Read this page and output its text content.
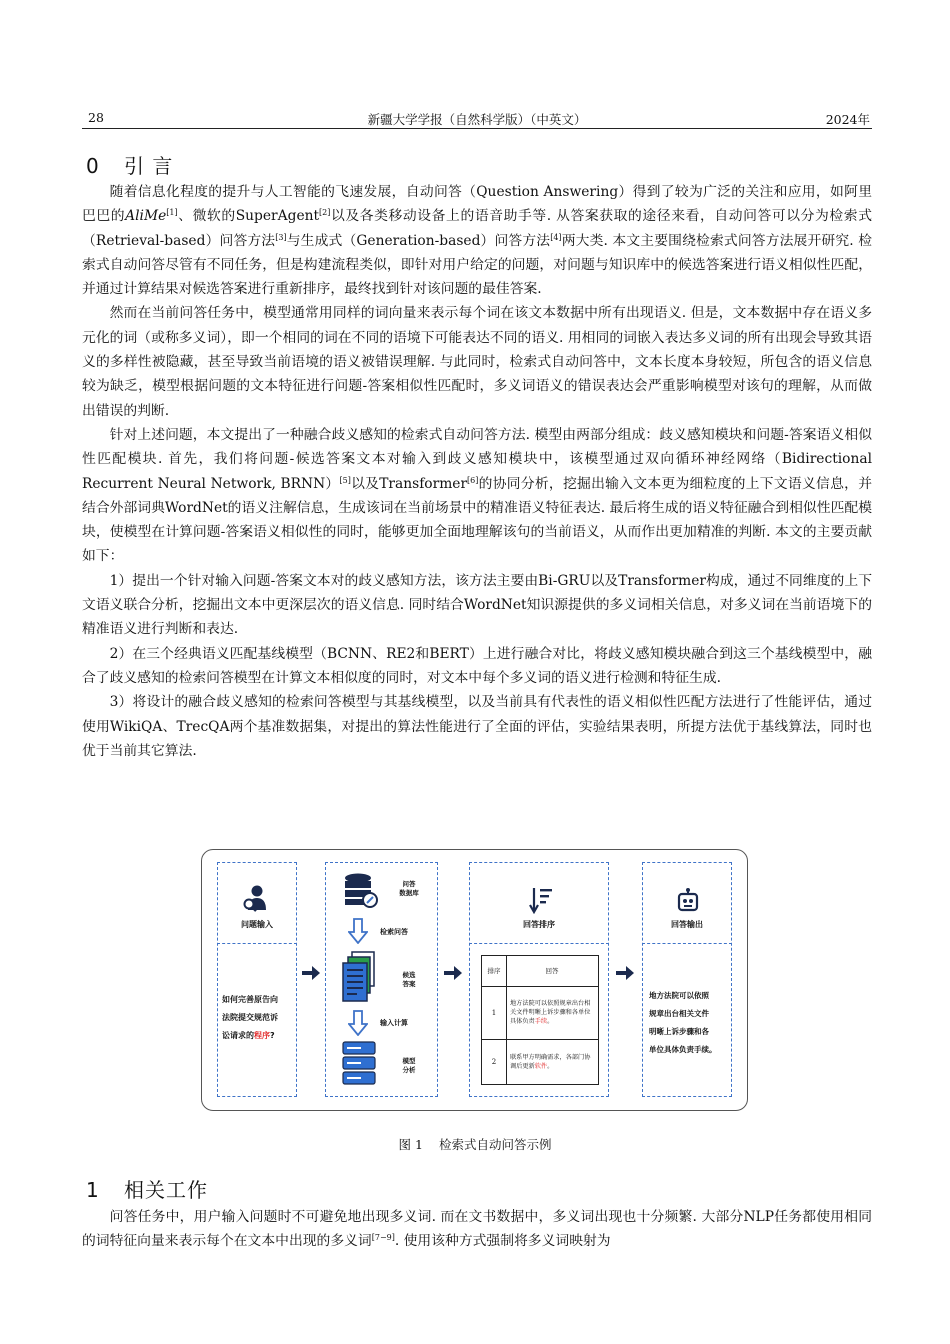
28	新疆大学学报（自然科学版）（中英文）	2024年
0 引 言

随着信息化程度的提升与人工智能的飞速发展，自动问答（Question Answering）得到了较为广泛的关注和应用，如阿里巴巴的AliMe[1]、微软的SuperAgent[2]以及各类移动设备上的语音助手等. 从答案获取的途径来看，自动问答可以分为检索式（Retrieval-based）问答方法[3]与生成式（Generation-based）问答方法[4]两大类. 本文主要围绕检索式问答方法展开研究. 检索式自动问答尽管有不同任务，但是构建流程类似，即针对用户给定的问题，对问题与知识库中的候选答案进行语义相似性匹配，并通过计算结果对候选答案进行重新排序，最终找到针对该问题的最佳答案.

然而在当前问答任务中，模型通常用同样的词向量来表示每个词在该文本数据中所有出现语义. 但是，文本数据中存在语义多元化的词（或称多义词），即一个相同的词在不同的语境下可能表达不同的语义. 用相同的词嵌入表达多义词的所有出现会导致其语义的多样性被隐藏，甚至导致当前语境的语义被错误理解. 与此同时，检索式自动问答中，文本长度本身较短，所包含的语义信息较为缺乏，模型根据问题的文本特征进行问题-答案相似性匹配时，多义词语义的错误表达会严重影响模型对该句的理解，从而做出错误的判断.

针对上述问题，本文提出了一种融合歧义感知的检索式自动问答方法. 模型由两部分组成：歧义感知模块和问题-答案语义相似性匹配模块. 首先，我们将问题-候选答案文本对输入到歧义感知模块中，该模型通过双向循环神经网络（Bidirectional Recurrent Neural Network, BRNN）[5]以及Transformer[6]的协同分析，挖掘出输入文本更为细粒度的上下文语义信息，并结合外部词典WordNet的语义注解信息，生成该词在当前场景中的精准语义特征表达. 最后将生成的语义特征融合到相似性匹配模块，使模型在计算问题-答案语义相似性的同时，能够更加全面地理解该句的当前语义，从而作出更加精准的判断. 本文的主要贡献如下：

1）提出一个针对输入问题-答案文本对的歧义感知方法，该方法主要由Bi-GRU以及Transformer构成，通过不同维度的上下文语义联合分析，挖掘出文本中更深层次的语义信息. 同时结合WordNet知识源提供的多义词相关信息，对多义词在当前语境下的精准语义进行判断和表达.

2）在三个经典语义匹配基线模型（BCNN、RE2和BERT）上进行融合对比，将歧义感知模块融合到这三个基线模型中，融合了歧义感知的检索问答模型在计算文本相似度的同时，对文本中每个多义词的语义进行检测和特征生成.

3）将设计的融合歧义感知的检索问答模型与其基线模型，以及当前具有代表性的语义相似性匹配方法进行了性能评估，通过使用WikiQA、TrecQA两个基准数据集，对提出的算法性能进行了全面的评估，实验结果表明，所提方法优于基线算法，同时也优于当前其它算法.

问题输入
如何完善原告向
法院提交规范诉
讼请求的程序?
问答
数据库
检索问答
候选
答案
输入计算
模型
分析
回答排序	回答输出
地方法院可以依照
规章出台相关文件
明晰上诉步骤和各
单位具体负责手续。
排序	回答
1
地方法院可以依照规章出台相关文件明晰上诉步骤和各单位具体负责手续。
2
联系甲方明确需求，各部门协调后更新软件。
图 1 检索式自动问答示例
1 相关工作

问答任务中，用户输入问题时不可避免地出现多义词. 而在文书数据中，多义词出现也十分频繁. 大部分NLP任务都使用相同的词特征向量来表示每个在文本中出现的多义词[7−9]. 使用该种方式强制将多义词映射为
